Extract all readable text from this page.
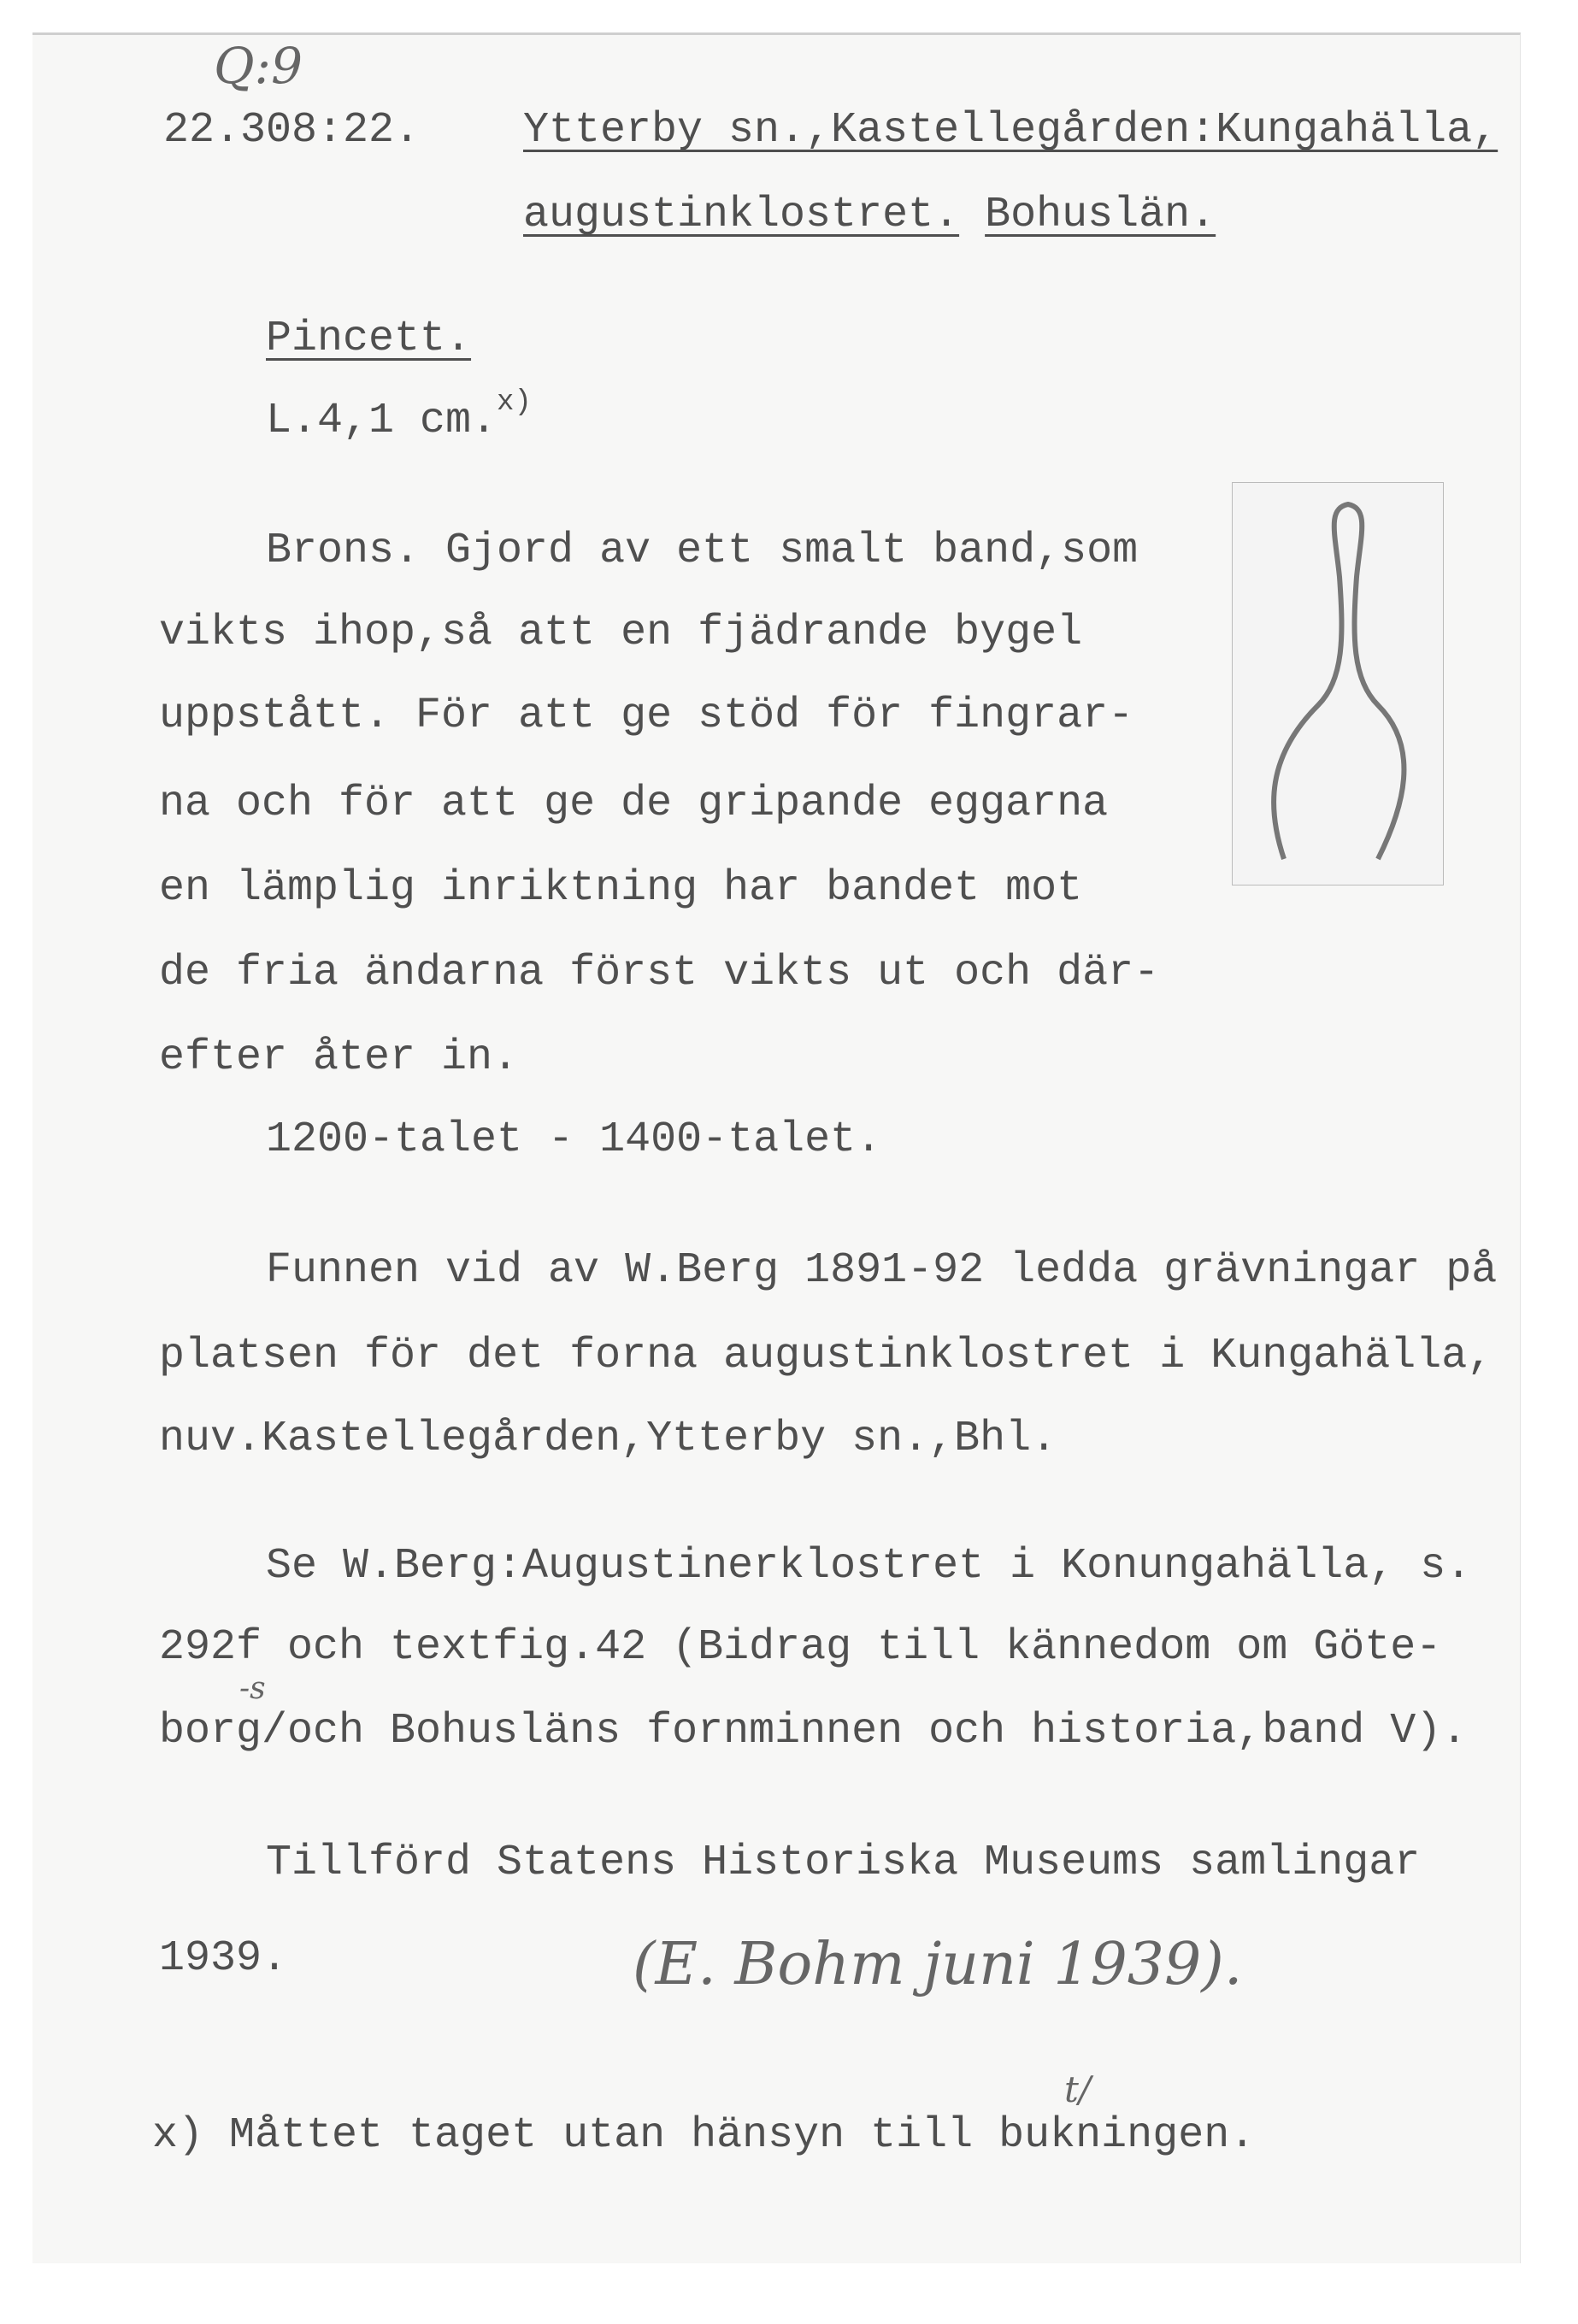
Q:9
22.308:22. Ytterby sn.,Kastellegården:Kungahälla,
augustinklostret. Bohuslän.
Pincett.
L.4,1 cm.$^{x)}$
Brons. Gjord av ett smalt band,som
vikts ihop,så att en fjädrande bygel
uppstått. För att ge stöd för fingrar-
na och för att ge de gripande eggarna
en lämplig inriktning har bandet mot
de fria ändarna först vikts ut och där-
efter åter in.
1200-talet - 1400-talet.
Funnen vid av W.Berg 1891-92 ledda grävningar på
platsen för det forna augustinklostret i Kungahälla,
nuv.Kastellegården,Ytterby sn.,Bhl.
Se W.Berg:Augustinerklostret i Konungahälla, s.
292f och textfig.42 (Bidrag till kännedom om Göte-
-s
borg/och Bohusläns fornminnen och historia,band V).
Tillförd Statens Historiska Museums samlingar
1939.	(E. Bohm juni 1939).
t/
x) Måttet taget utan hänsyn till bukningen.
